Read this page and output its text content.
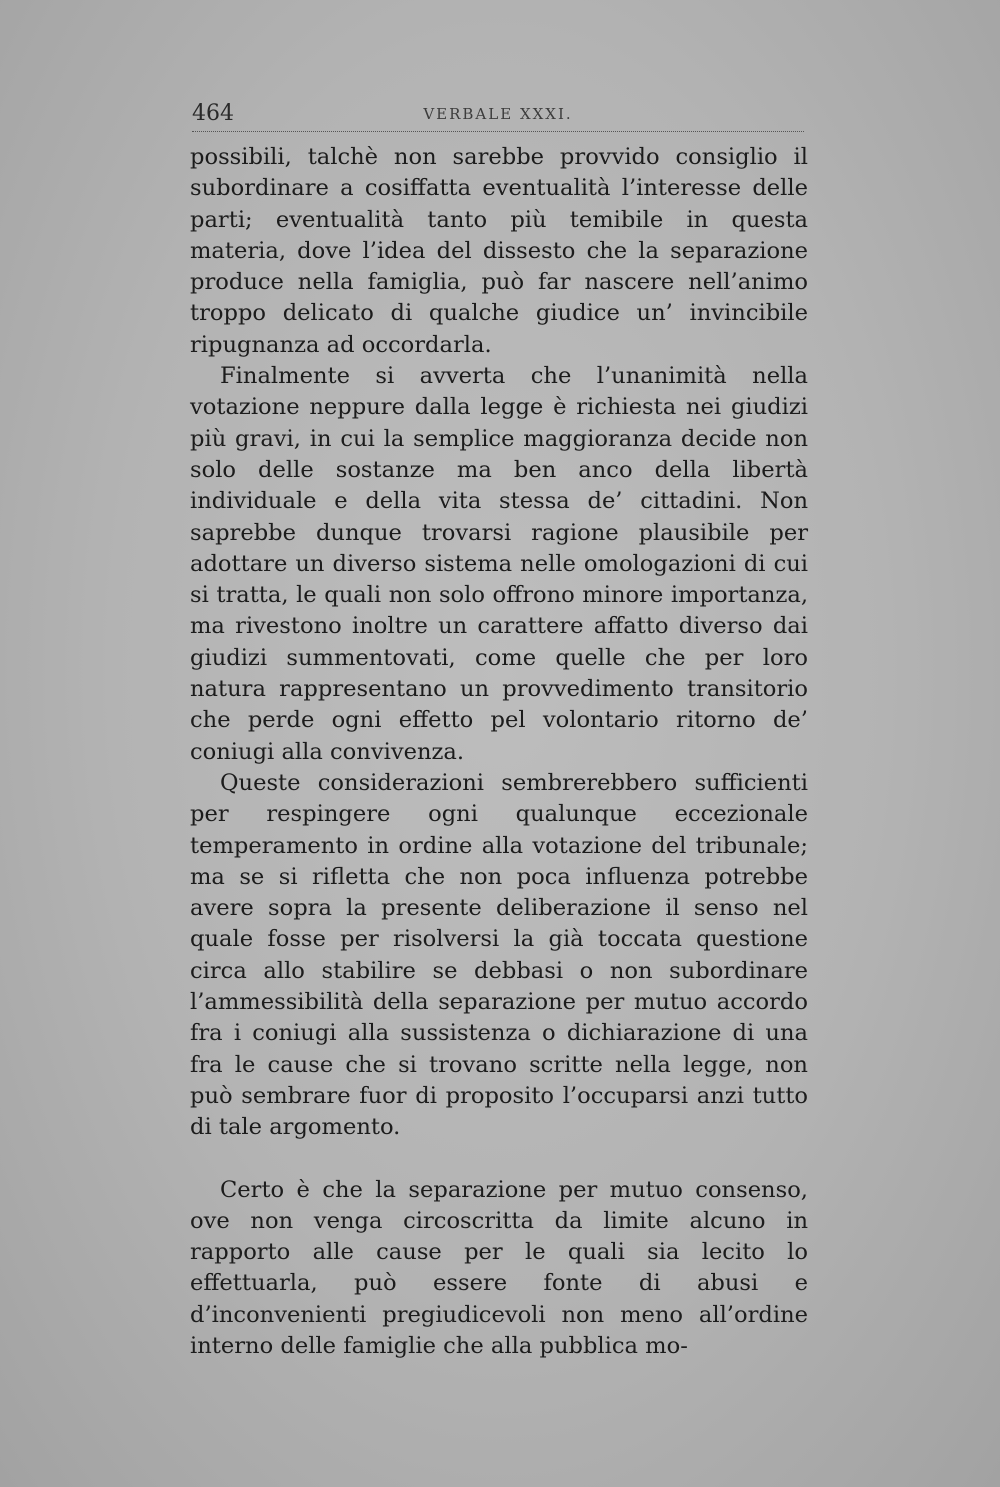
464	VERBALE XXXI.

possibili, talchè non sarebbe provvido consiglio il subordinare a cosiffatta eventualità l’interesse delle parti; eventualità tanto più temibile in questa materia, dove l’idea del dissesto che la separazione produce nella famiglia, può far nascere nell’animo troppo delicato di qualche giudice un’ invincibile ripugnanza ad occordarla.

Finalmente si avverta che l’unanimità nella votazione neppure dalla legge è richiesta nei giudizi più gravi, in cui la semplice maggioranza decide non solo delle sostanze ma ben anco della libertà individuale e della vita stessa de’ cittadini. Non saprebbe dunque trovarsi ragione plausibile per adottare un diverso sistema nelle omologazioni di cui si tratta, le quali non solo offrono minore importanza, ma rivestono inoltre un carattere affatto diverso dai giudizi summentovati, come quelle che per loro natura rappresentano un provvedimento transitorio che perde ogni effetto pel volontario ritorno de’ coniugi alla convivenza.

Queste considerazioni sembrerebbero sufficienti per respingere ogni qualunque eccezionale temperamento in ordine alla votazione del tribunale; ma se si rifletta che non poca influenza potrebbe avere sopra la presente deliberazione il senso nel quale fosse per risolversi la già toccata questione circa allo stabilire se debbasi o non subordinare l’ammessibilità della separazione per mutuo accordo fra i coniugi alla sussistenza o dichiarazione di una fra le cause che si trovano scritte nella legge, non può sembrare fuor di proposito l’occuparsi anzi tutto di tale argomento.

Certo è che la separazione per mutuo consenso, ove non venga circoscritta da limite alcuno in rapporto alle cause per le quali sia lecito lo effettuarla, può essere fonte di abusi e d’inconvenienti pregiudicevoli non meno all’ordine interno delle famiglie che alla pubblica mo-
